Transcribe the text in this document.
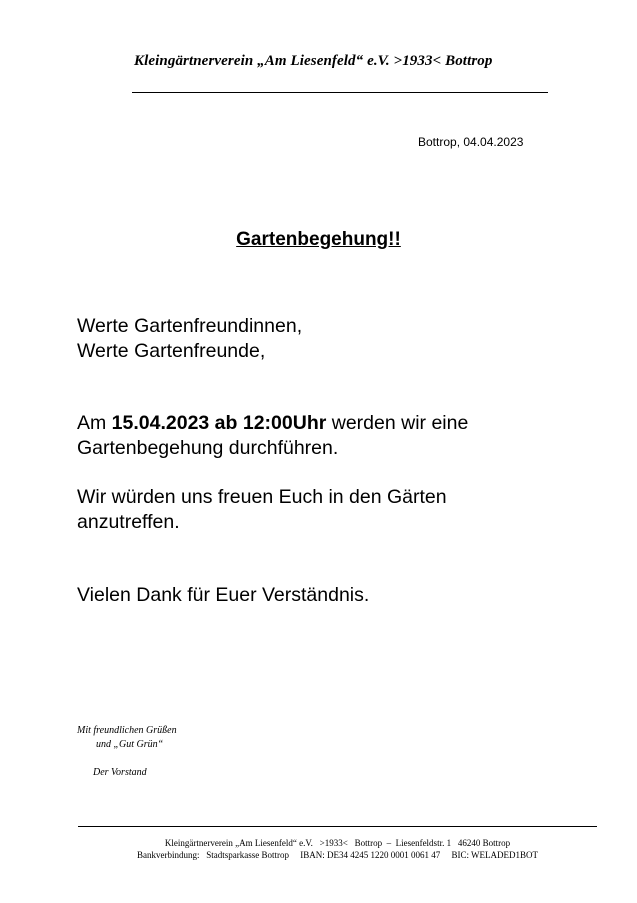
Kleingärtnerverein „Am Liesenfeld“ e.V. >1933< Bottrop
Bottrop, 04.04.2023
Gartenbegehung!!
Werte Gartenfreundinnen,
Werte Gartenfreunde,
Am 15.04.2023 ab 12:00Uhr werden wir eine
Gartenbegehung durchführen.
Wir würden uns freuen Euch in den Gärten
anzutreffen.
Vielen Dank für Euer Verständnis.
Mit freundlichen Grüßen
und „Gut Grün“
Der Vorstand
Kleingärtnerverein „Am Liesenfeld“ e.V.   >1933<   Bottrop  –  Liesenfeldstr. 1   46240 Bottrop
Bankverbindung:   Stadtsparkasse Bottrop     IBAN: DE34 4245 1220 0001 0061 47     BIC: WELADED1BOT
